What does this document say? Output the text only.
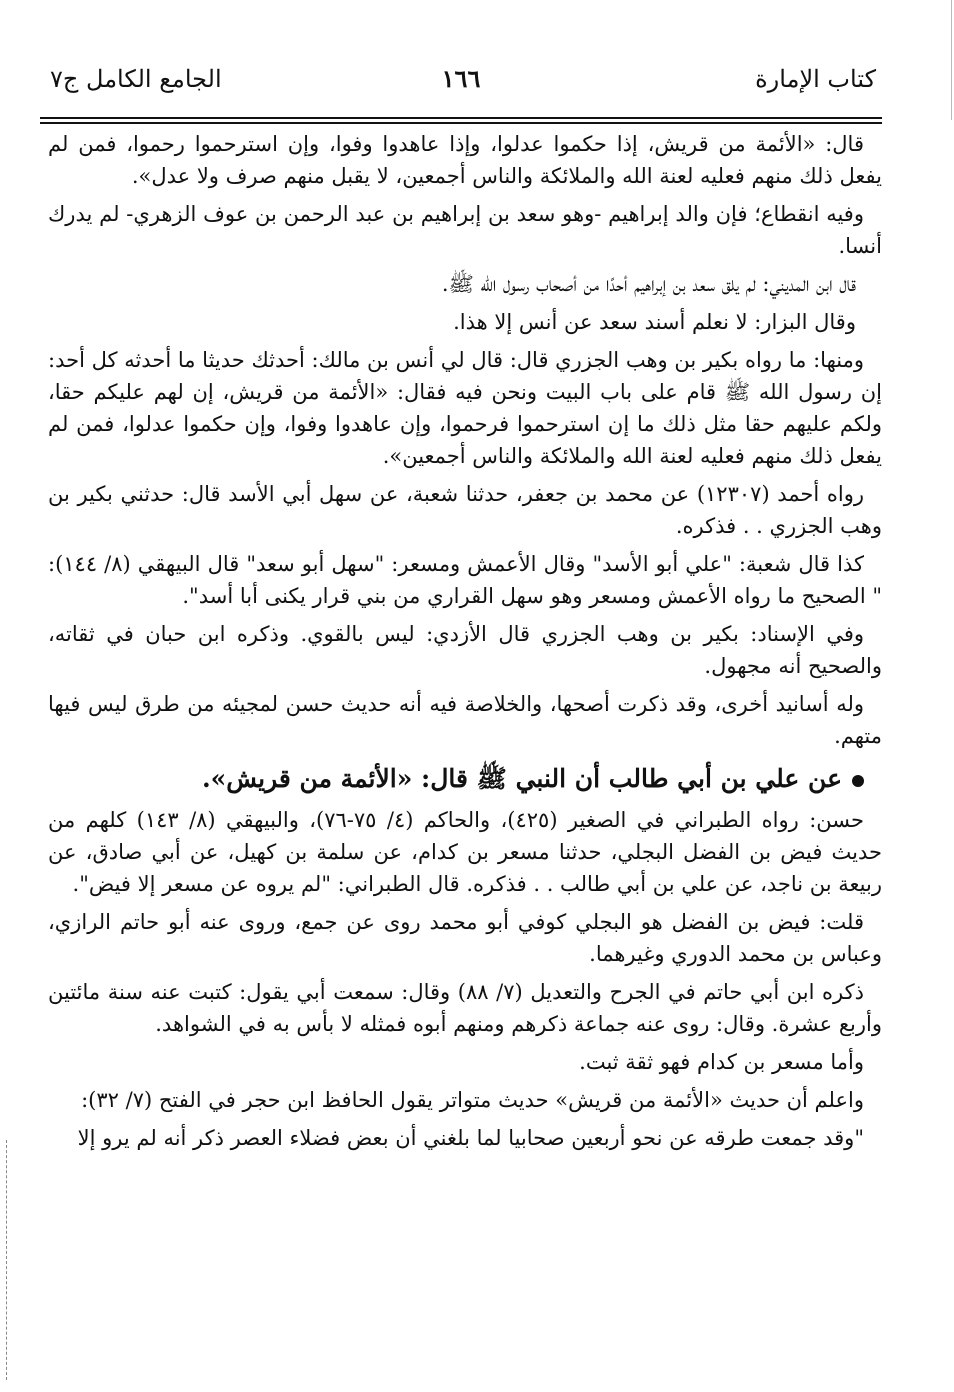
كتاب الإمارة
١٦٦
الجامع الكامل ج٧

قال: «الأئمة من قريش، إذا حكموا عدلوا، وإذا عاهدوا وفوا، وإن استرحموا رحموا، فمن لم يفعل ذلك منهم فعليه لعنة الله والملائكة والناس أجمعين، لا يقبل منهم صرف ولا عدل».

وفيه انقطاع؛ فإن والد إبراهيم -وهو سعد بن إبراهيم بن عبد الرحمن بن عوف الزهري- لم يدرك أنسا.

قال ابن المديني: لم يلق سعد بن إبراهيم أحدًا من أصحاب رسول الله ﷺ.

وقال البزار: لا نعلم أسند سعد عن أنس إلا هذا.

ومنها: ما رواه بكير بن وهب الجزري قال: قال لي أنس بن مالك: أحدثك حديثا ما أحدثه كل أحد: إن رسول الله ﷺ قام على باب البيت ونحن فيه فقال: «الأئمة من قريش، إن لهم عليكم حقا، ولكم عليهم حقا مثل ذلك ما إن استرحموا فرحموا، وإن عاهدوا وفوا، وإن حكموا عدلوا، فمن لم يفعل ذلك منهم فعليه لعنة الله والملائكة والناس أجمعين».

رواه أحمد (١٢٣٠٧) عن محمد بن جعفر، حدثنا شعبة، عن سهل أبي الأسد قال: حدثني بكير بن وهب الجزري . . فذكره.

كذا قال شعبة: "علي أبو الأسد" وقال الأعمش ومسعر: "سهل أبو سعد" قال البيهقي (٨/ ١٤٤): " الصحيح ما رواه الأعمش ومسعر وهو سهل القراري من بني قرار يكنى أبا أسد".

وفي الإسناد: بكير بن وهب الجزري قال الأزدي: ليس بالقوي. وذكره ابن حبان في ثقاته، والصحيح أنه مجهول.

وله أسانيد أخرى، وقد ذكرت أصحها، والخلاصة فيه أنه حديث حسن لمجيئه من طرق ليس فيها متهم.

عن علي بن أبي طالب أن النبي ﷺ قال: «الأئمة من قريش».

حسن: رواه الطبراني في الصغير (٤٢٥)، والحاكم (٤/ ٧٥-٧٦)، والبيهقي (٨/ ١٤٣) كلهم من حديث فيض بن الفضل البجلي، حدثنا مسعر بن كدام، عن سلمة بن كهيل، عن أبي صادق، عن ربيعة بن ناجد، عن علي بن أبي طالب . . فذكره. قال الطبراني: "لم يروه عن مسعر إلا فيض".

قلت: فيض بن الفضل هو البجلي كوفي أبو محمد روى عن جمع، وروى عنه أبو حاتم الرازي، وعباس بن محمد الدوري وغيرهما.

ذكره ابن أبي حاتم في الجرح والتعديل (٧/ ٨٨) وقال: سمعت أبي يقول: كتبت عنه سنة مائتين وأربع عشرة. وقال: روى عنه جماعة ذكرهم ومنهم أبوه فمثله لا بأس به في الشواهد.

وأما مسعر بن كدام فهو ثقة ثبت.

واعلم أن حديث «الأئمة من قريش» حديث متواتر يقول الحافظ ابن حجر في الفتح (٧/ ٣٢):

"وقد جمعت طرقه عن نحو أربعين صحابيا لما بلغني أن بعض فضلاء العصر ذكر أنه لم يرو إلا
